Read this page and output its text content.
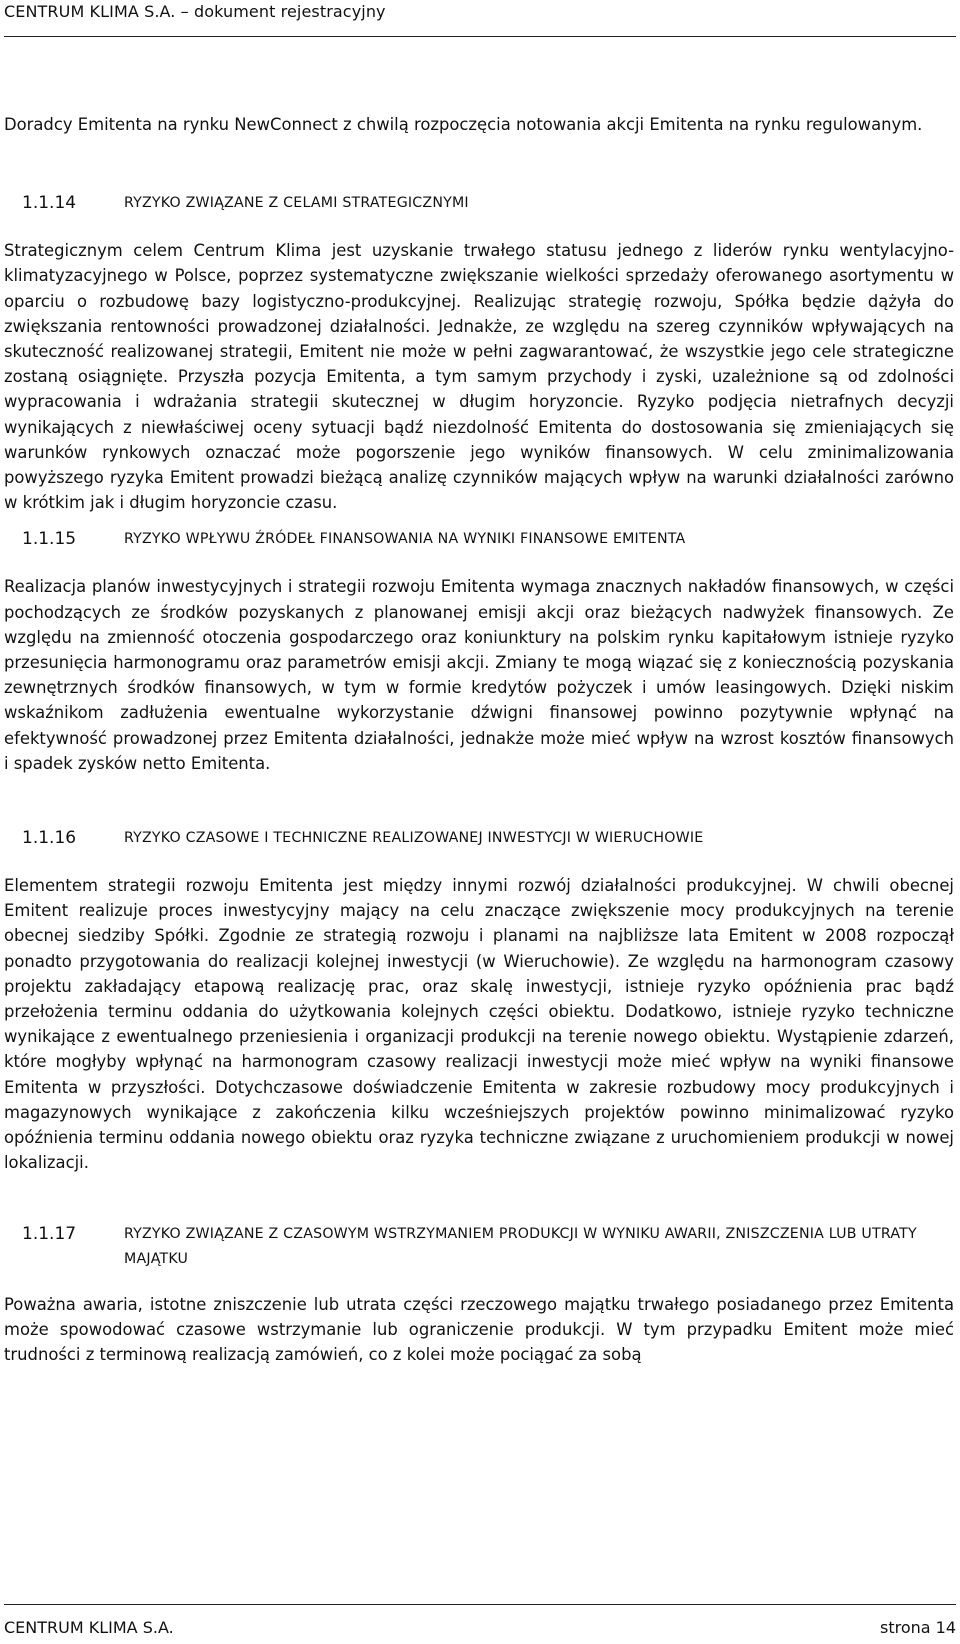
CENTRUM KLIMA S.A. – dokument rejestracyjny

Doradcy Emitenta na rynku NewConnect z chwilą rozpoczęcia notowania akcji Emitenta na rynku regulowanym.

1.1.14	RYZYKO ZWIĄZANE Z CELAMI STRATEGICZNYMI

Strategicznym celem Centrum Klima jest uzyskanie trwałego statusu jednego z liderów rynku wentylacyjno-klimatyzacyjnego w Polsce, poprzez systematyczne zwiększanie wielkości sprzedaży oferowanego asortymentu w oparciu o rozbudowę bazy logistyczno-produkcyjnej. Realizując strategię rozwoju, Spółka będzie dążyła do zwiększania rentowności prowadzonej działalności. Jednakże, ze względu na szereg czynników wpływających na skuteczność realizowanej strategii, Emitent nie może w pełni zagwarantować, że wszystkie jego cele strategiczne zostaną osiągnięte. Przyszła pozycja Emitenta, a tym samym przychody i zyski, uzależnione są od zdolności wypracowania i wdrażania strategii skutecznej w długim horyzoncie. Ryzyko podjęcia nietrafnych decyzji wynikających z niewłaściwej oceny sytuacji bądź niezdolność Emitenta do dostosowania się zmieniających się warunków rynkowych oznaczać może pogorszenie jego wyników finansowych. W celu zminimalizowania powyższego ryzyka Emitent prowadzi bieżącą analizę czynników mających wpływ na warunki działalności zarówno w krótkim jak i długim horyzoncie czasu.

1.1.15	RYZYKO WPŁYWU ŹRÓDEŁ FINANSOWANIA NA WYNIKI FINANSOWE EMITENTA

Realizacja planów inwestycyjnych i strategii rozwoju Emitenta wymaga znacznych nakładów finansowych, w części pochodzących ze środków pozyskanych z planowanej emisji akcji oraz bieżących nadwyżek finansowych. Ze względu na zmienność otoczenia gospodarczego oraz koniunktury na polskim rynku kapitałowym istnieje ryzyko przesunięcia harmonogramu oraz parametrów emisji akcji. Zmiany te mogą wiązać się z koniecznością pozyskania zewnętrznych środków finansowych, w tym w formie kredytów pożyczek i umów leasingowych. Dzięki niskim wskaźnikom zadłużenia ewentualne wykorzystanie dźwigni finansowej powinno pozytywnie wpłynąć na efektywność prowadzonej przez Emitenta działalności, jednakże może mieć wpływ na wzrost kosztów finansowych i spadek zysków netto Emitenta.

1.1.16	RYZYKO CZASOWE I TECHNICZNE REALIZOWANEJ INWESTYCJI W WIERUCHOWIE

Elementem strategii rozwoju Emitenta jest między innymi rozwój działalności produkcyjnej. W chwili obecnej Emitent realizuje proces inwestycyjny mający na celu znaczące zwiększenie mocy produkcyjnych na terenie obecnej siedziby Spółki. Zgodnie ze strategią rozwoju i planami na najbliższe lata Emitent w 2008 rozpoczął ponadto przygotowania do realizacji kolejnej inwestycji (w Wieruchowie). Ze względu na harmonogram czasowy projektu zakładający etapową realizację prac, oraz skalę inwestycji, istnieje ryzyko opóźnienia prac bądź przełożenia terminu oddania do użytkowania kolejnych części obiektu. Dodatkowo, istnieje ryzyko techniczne wynikające z ewentualnego przeniesienia i organizacji produkcji na terenie nowego obiektu. Wystąpienie zdarzeń, które mogłyby wpłynąć na harmonogram czasowy realizacji inwestycji może mieć wpływ na wyniki finansowe Emitenta w przyszłości. Dotychczasowe doświadczenie Emitenta w zakresie rozbudowy mocy produkcyjnych i magazynowych wynikające z zakończenia kilku wcześniejszych projektów powinno minimalizować ryzyko opóźnienia terminu oddania nowego obiektu oraz ryzyka techniczne związane z uruchomieniem produkcji w nowej lokalizacji.

1.1.17	RYZYKO ZWIĄZANE Z CZASOWYM WSTRZYMANIEM PRODUKCJI W WYNIKU AWARII, ZNISZCZENIA LUB UTRATY MAJĄTKU

Poważna awaria, istotne zniszczenie lub utrata części rzeczowego majątku trwałego posiadanego przez Emitenta może spowodować czasowe wstrzymanie lub ograniczenie produkcji. W tym przypadku Emitent może mieć trudności z terminową realizacją zamówień, co z kolei może pociągać za sobą

CENTRUM KLIMA S.A.	strona 14
